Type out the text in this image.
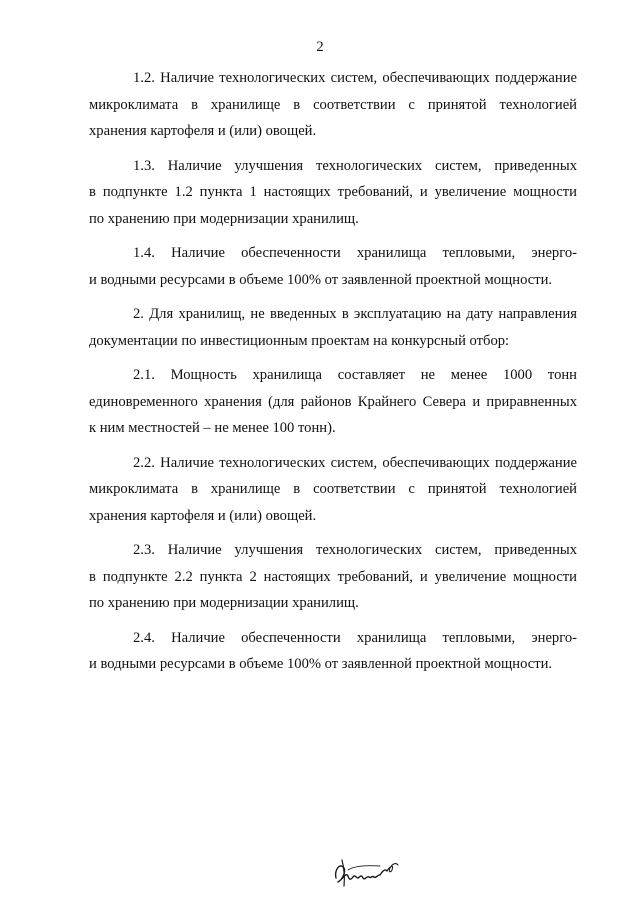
2
1.2. Наличие технологических систем, обеспечивающих поддержание
микроклимата в хранилище в соответствии с принятой технологией
хранения картофеля и (или) овощей.
1.3. Наличие улучшения технологических систем, приведенных
в подпункте 1.2 пункта 1 настоящих требований, и увеличение мощности
по хранению при модернизации хранилищ.
1.4. Наличие обеспеченности хранилища тепловыми, энерго-
и водными ресурсами в объеме 100% от заявленной проектной мощности.
2. Для хранилищ, не введенных в эксплуатацию на дату направления
документации по инвестиционным проектам на конкурсный отбор:
2.1. Мощность хранилища составляет не менее 1000 тонн
единовременного хранения (для районов Крайнего Севера и приравненных
к ним местностей – не менее 100 тонн).
2.2. Наличие технологических систем, обеспечивающих поддержание
микроклимата в хранилище в соответствии с принятой технологией
хранения картофеля и (или) овощей.
2.3. Наличие улучшения технологических систем, приведенных
в подпункте 2.2 пункта 2 настоящих требований, и увеличение мощности
по хранению при модернизации хранилищ.
2.4. Наличие обеспеченности хранилища тепловыми, энерго-
и водными ресурсами в объеме 100% от заявленной проектной мощности.
